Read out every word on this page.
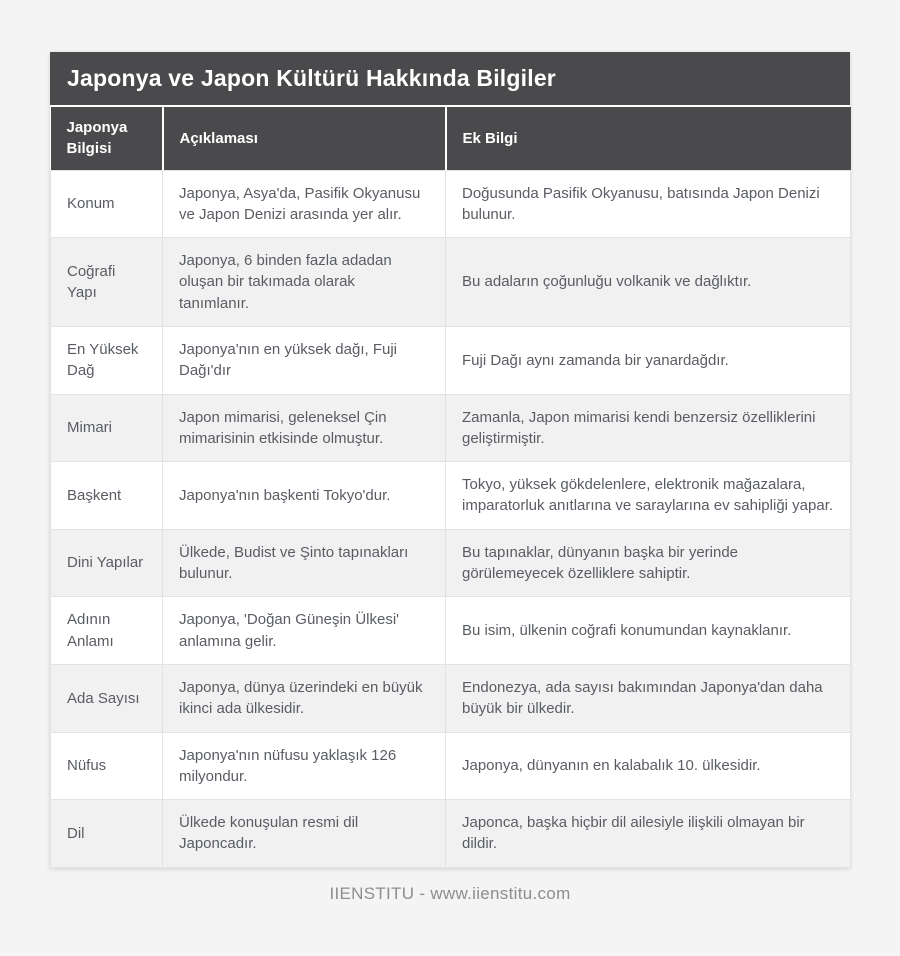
Japonya ve Japon Kültürü Hakkında Bilgiler
Japonya Bilgisi	Açıklaması	Ek Bilgi
Konum	Japonya, Asya'da, Pasifik Okyanusu ve Japon Denizi arasında yer alır.	Doğusunda Pasifik Okyanusu, batısında Japon Denizi bulunur.
Coğrafi Yapı	Japonya, 6 binden fazla adadan oluşan bir takımada olarak tanımlanır.	Bu adaların çoğunluğu volkanik ve dağlıktır.
En Yüksek Dağ	Japonya'nın en yüksek dağı, Fuji Dağı'dır	Fuji Dağı aynı zamanda bir yanardağdır.
Mimari	Japon mimarisi, geleneksel Çin mimarisinin etkisinde olmuştur.	Zamanla, Japon mimarisi kendi benzersiz özelliklerini geliştirmiştir.
Başkent	Japonya'nın başkenti Tokyo'dur.	Tokyo, yüksek gökdelenlere, elektronik mağazalara, imparatorluk anıtlarına ve saraylarına ev sahipliği yapar.
Dini Yapılar	Ülkede, Budist ve Şinto tapınakları bulunur.	Bu tapınaklar, dünyanın başka bir yerinde görülemeyecek özelliklere sahiptir.
Adının Anlamı	Japonya, 'Doğan Güneşin Ülkesi' anlamına gelir.	Bu isim, ülkenin coğrafi konumundan kaynaklanır.
Ada Sayısı	Japonya, dünya üzerindeki en büyük ikinci ada ülkesidir.	Endonezya, ada sayısı bakımından Japonya'dan daha büyük bir ülkedir.
Nüfus	Japonya'nın nüfusu yaklaşık 126 milyondur.	Japonya, dünyanın en kalabalık 10. ülkesidir.
Dil	Ülkede konuşulan resmi dil Japoncadır.	Japonca, başka hiçbir dil ailesiyle ilişkili olmayan bir dildir.
IIENSTITU - www.iienstitu.com
